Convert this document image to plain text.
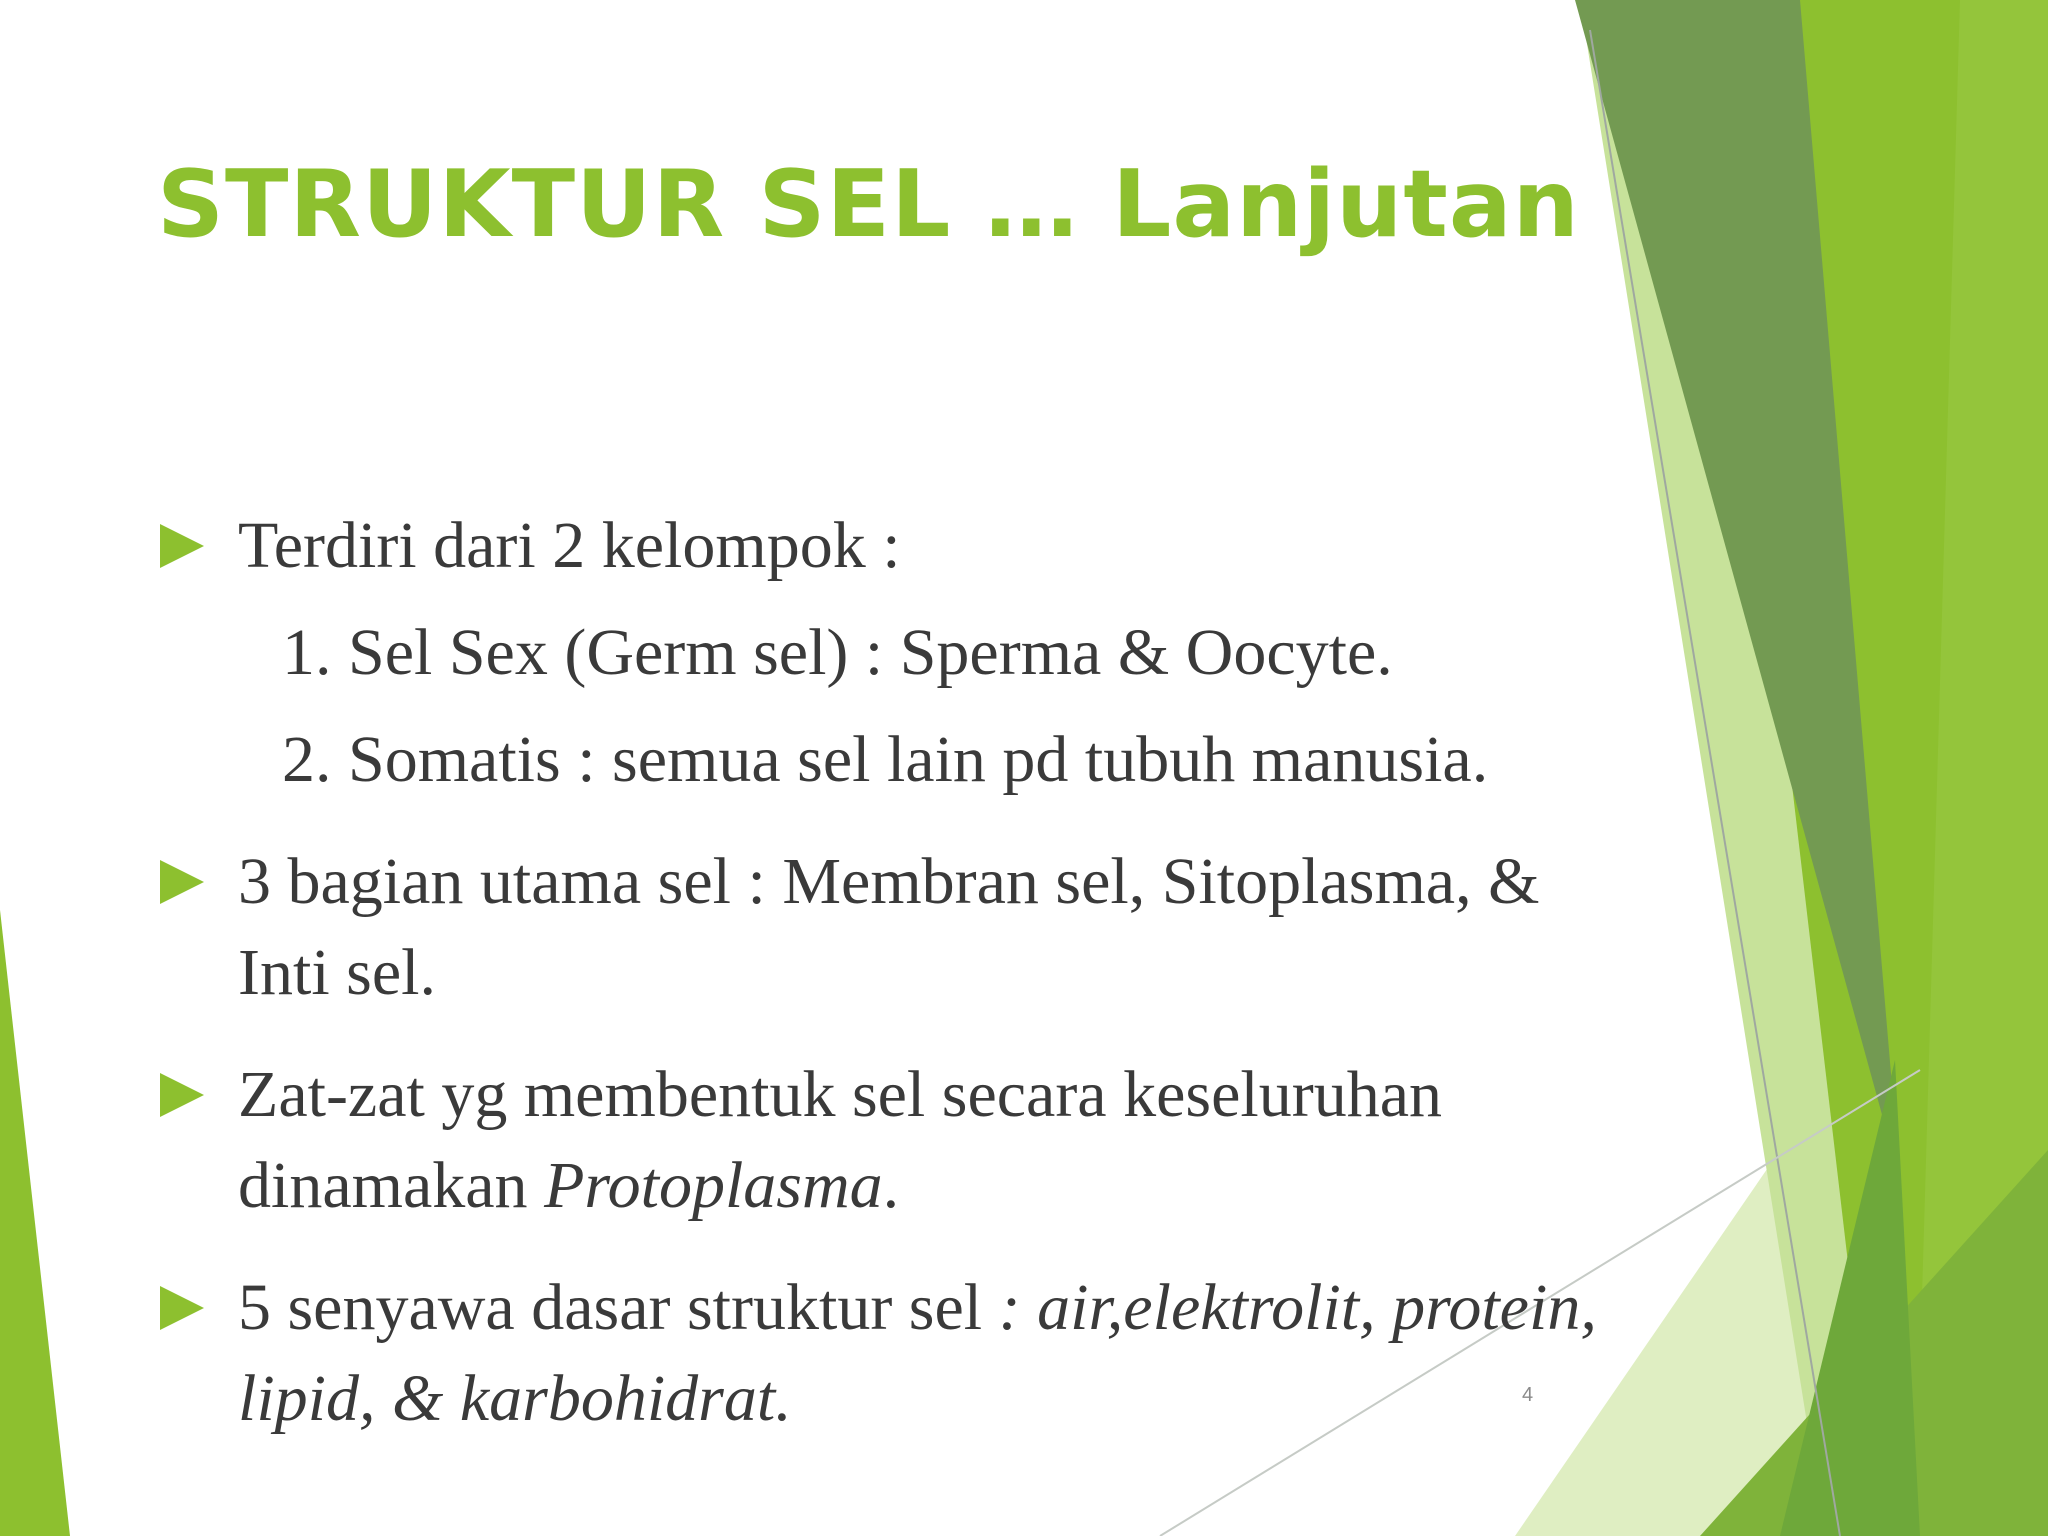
STRUKTUR SEL … Lanjutan
Terdiri dari 2 kelompok :
1. Sel Sex (Germ sel) : Sperma & Oocyte.
2. Somatis : semua sel lain pd tubuh manusia.
3 bagian utama sel : Membran sel, Sitoplasma, & Inti sel.
Zat-zat yg membentuk sel secara keseluruhan dinamakan Protoplasma.
5 senyawa dasar struktur sel : air,elektrolit, protein, lipid, & karbohidrat.	4
